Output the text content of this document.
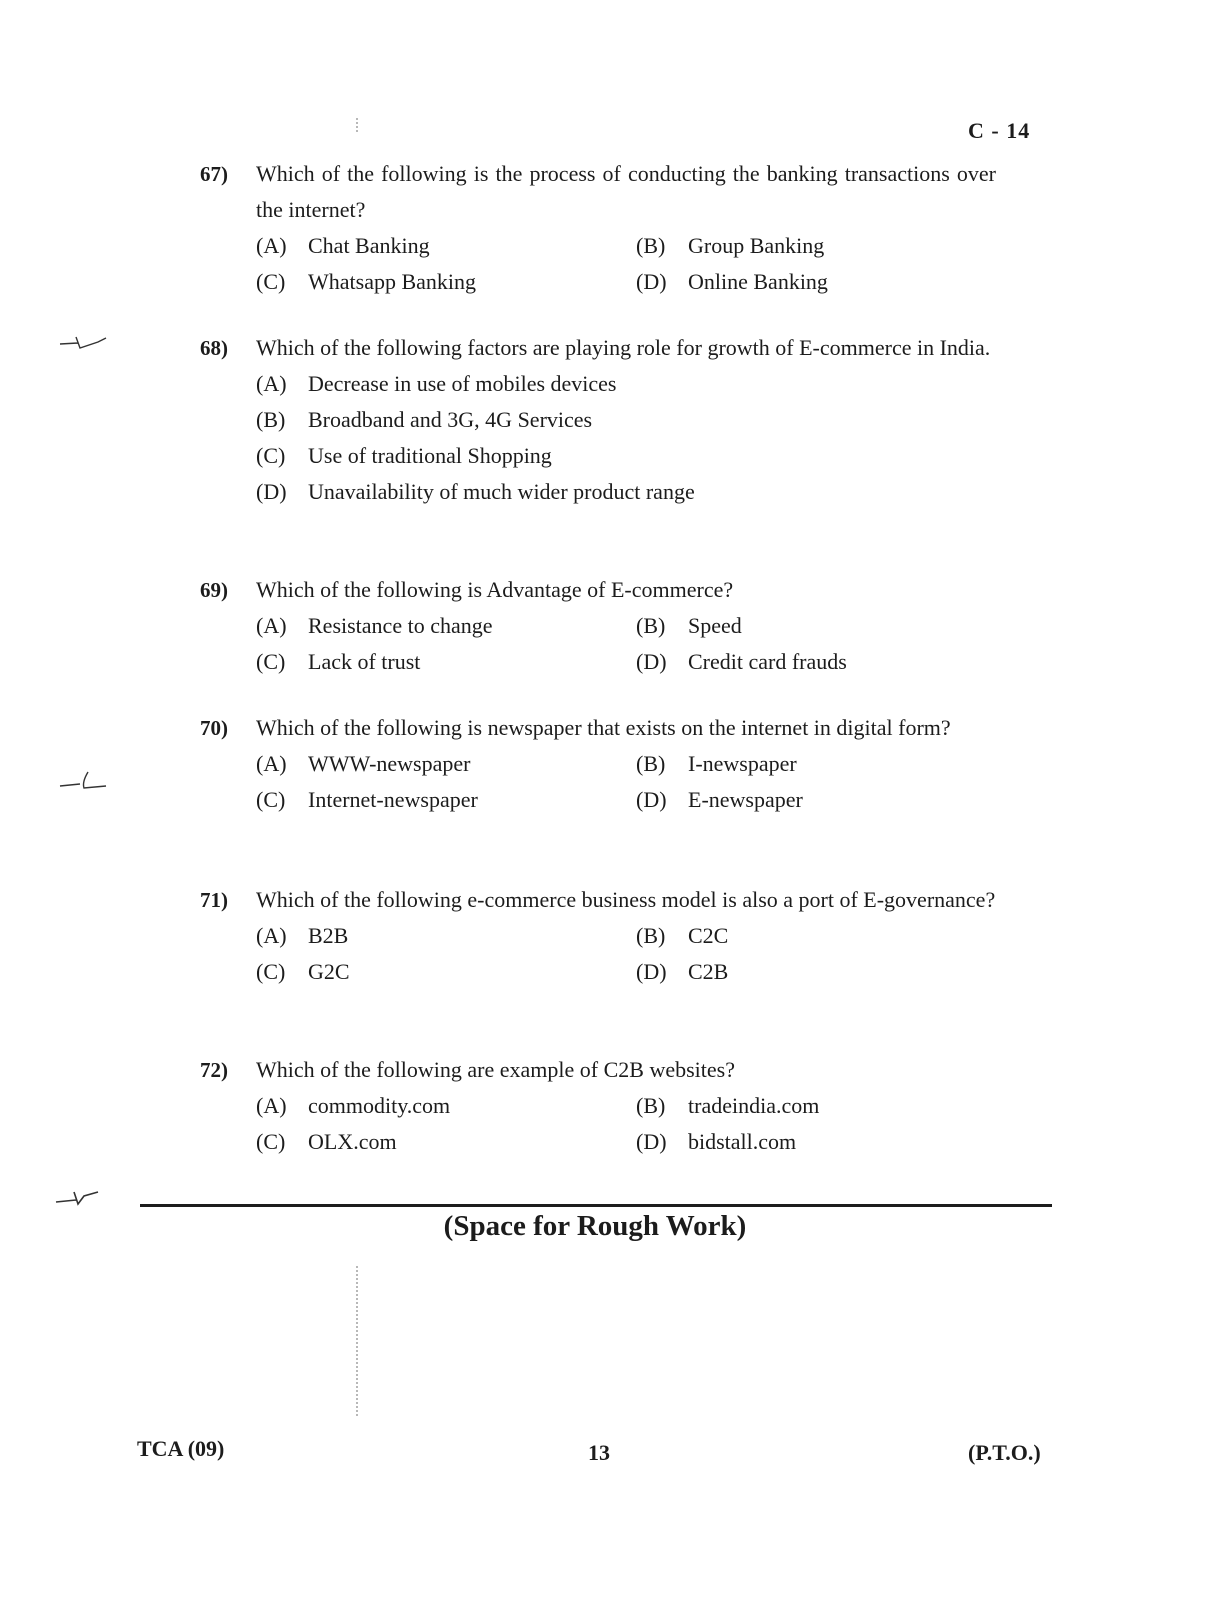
C - 14
67)	Which of the following is the process of conducting the banking transactions over the internet?
(A) Chat Banking	(B)	Group Banking
(C)	Whatsapp Banking	(D) Online Banking
68)	Which of the following factors are playing role for growth of E-commerce in India.
(A) Decrease in use of mobiles devices
(B)	Broadband and 3G, 4G Services
(C)	Use of traditional Shopping
(D) Unavailability of much wider product range
69)	Which of the following is Advantage of E-commerce?
(A) Resistance to change	(B)	Speed
(C)	Lack of trust	(D) Credit card frauds
70)	Which of the following is newspaper that exists on the internet in digital form?
(A) WWW-newspaper	(B)	I-newspaper
(C)	Internet-newspaper	(D) E-newspaper
71)	Which of the following e-commerce business model is also a port of E-governance?
(A) B2B	(B)	C2C
(C)	G2C	(D) C2B
72)	Which of the following are example of C2B websites?
(A) commodity.com	(B)	tradeindia.com
(C)	OLX.com	(D) bidstall.com
(Space for Rough Work)
TCA (09)	13	(P.T.O.)
